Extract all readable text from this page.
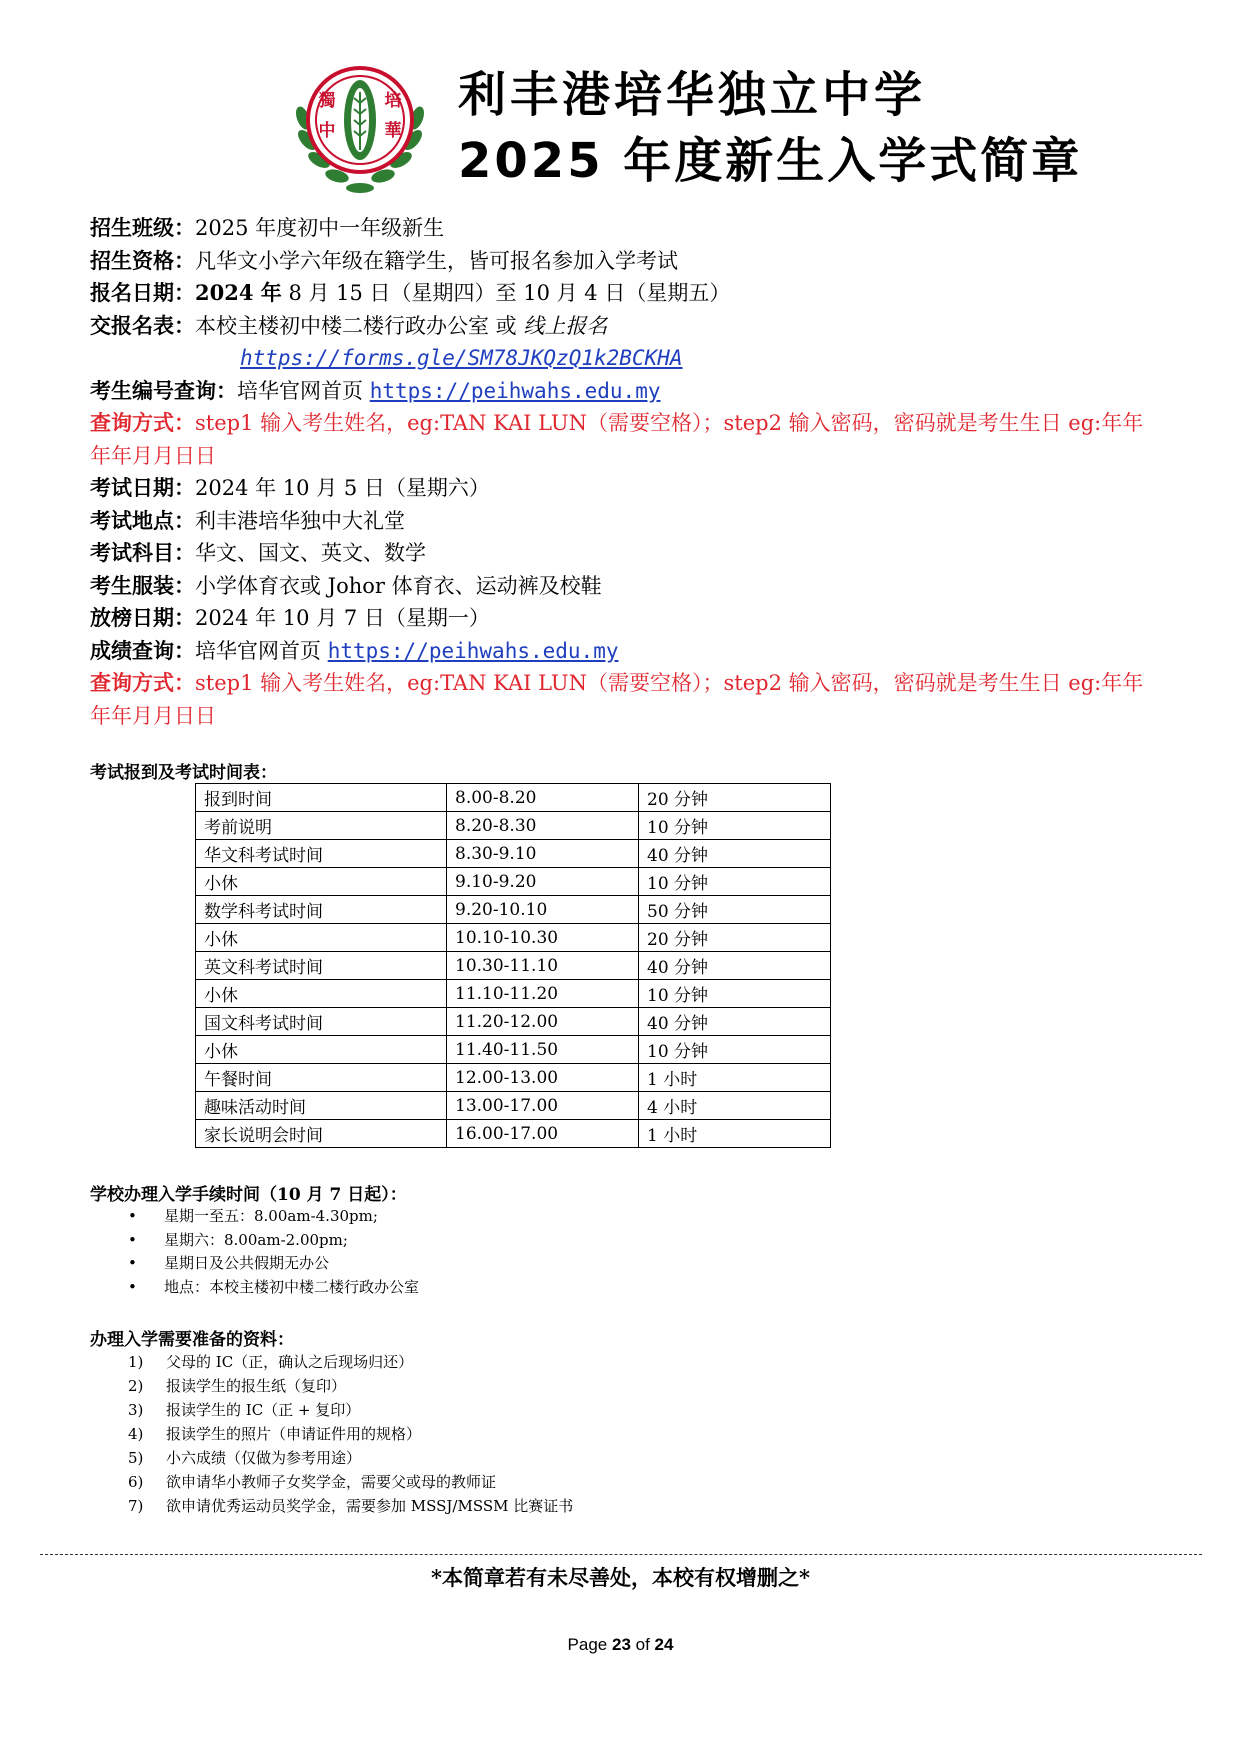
獨
中
培
華
利丰港培华独立中学
2025 年度新生入学式简章
招生班级：2025 年度初中一年级新生
招生资格：凡华文小学六年级在籍学生，皆可报名参加入学考试
报名日期：2024 年 8 月 15 日（星期四）至 10 月 4 日（星期五）
交报名表：本校主楼初中楼二楼行政办公室 或 线上报名
https://forms.gle/SM78JKQzQ1k2BCKHA
考生编号查询：培华官网首页 https://peihwahs.edu.my
查询方式：step1 输入考生姓名，eg:TAN KAI LUN（需要空格）；step2 输入密码，密码就是考生生日 eg:年年年年月月日日
考试日期：2024 年 10 月 5 日（星期六）
考试地点：利丰港培华独中大礼堂
考试科目：华文、国文、英文、数学
考生服装：小学体育衣或 Johor 体育衣、运动裤及校鞋
放榜日期：2024 年 10 月 7 日（星期一）
成绩查询：培华官网首页 https://peihwahs.edu.my
查询方式：step1 输入考生姓名，eg:TAN KAI LUN（需要空格）；step2 输入密码，密码就是考生生日 eg:年年年年月月日日
考试报到及考试时间表：
报到时间	8.00-8.20	20 分钟
考前说明	8.20-8.30	10 分钟
华文科考试时间	8.30-9.10	40 分钟
小休	9.10-9.20	10 分钟
数学科考试时间	9.20-10.10	50 分钟
小休	10.10-10.30	20 分钟
英文科考试时间	10.30-11.10	40 分钟
小休	11.10-11.20	10 分钟
国文科考试时间	11.20-12.00	40 分钟
小休	11.40-11.50	10 分钟
午餐时间	12.00-13.00	1 小时
趣味活动时间	13.00-17.00	4 小时
家长说明会时间	16.00-17.00	1 小时
学校办理入学手续时间（10 月 7 日起）：
• 星期一至五：8.00am-4.30pm;
• 星期六：8.00am-2.00pm;
• 星期日及公共假期无办公
• 地点：本校主楼初中楼二楼行政办公室
办理入学需要准备的资料：
1)	父母的 IC（正，确认之后现场归还）
2)	报读学生的报生纸（复印）
3)	报读学生的 IC（正 + 复印）
4)	报读学生的照片（申请证件用的规格）
5)	小六成绩（仅做为参考用途）
6)	欲申请华小教师子女奖学金，需要父或母的教师证
7)	欲申请优秀运动员奖学金，需要参加 MSSJ/MSSM 比赛证书
*本简章若有未尽善处，本校有权增删之*
Page 23 of 24
